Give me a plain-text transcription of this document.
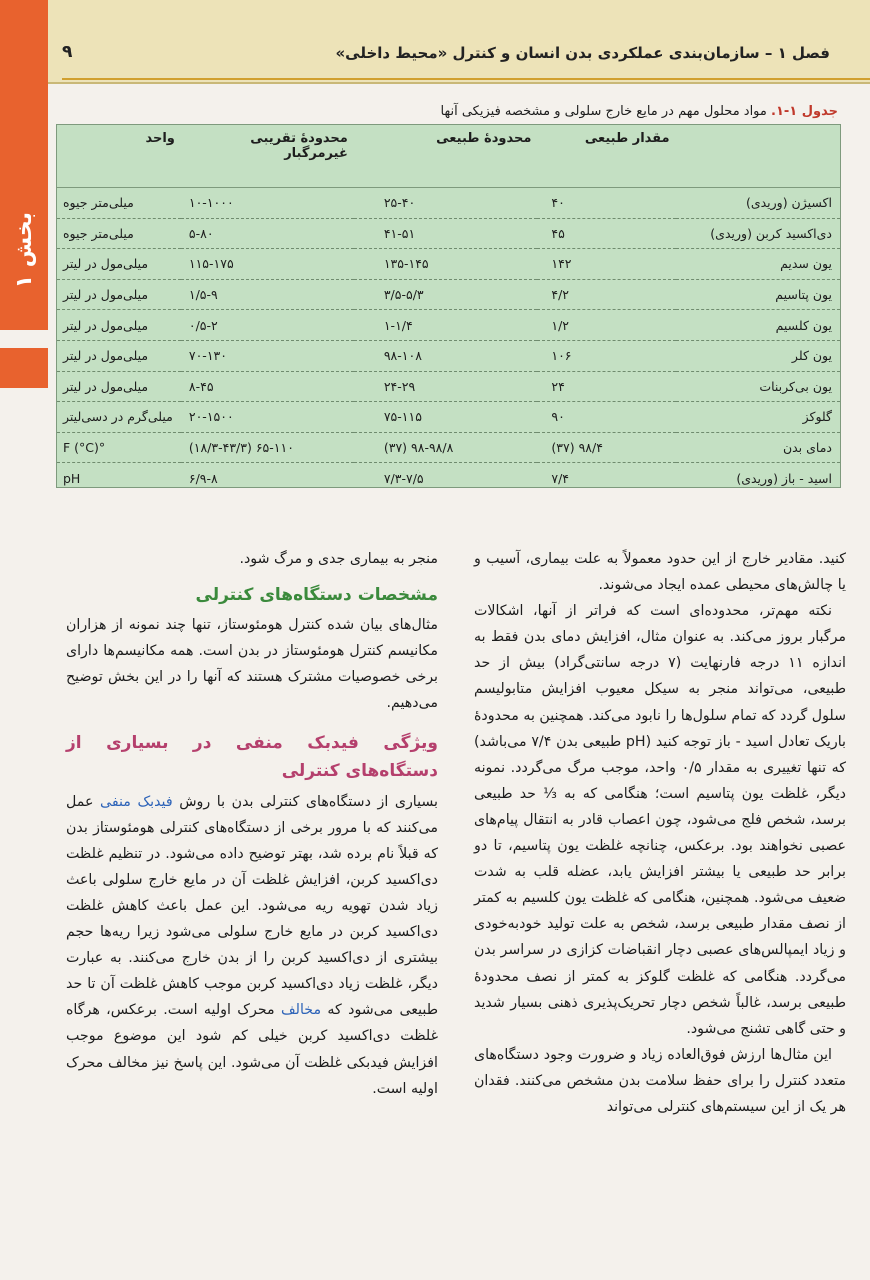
بخش ۱
۹	فصل ۱ – سازمان‌بندی عملکردی بدن انسان و کنترل «محیط داخلی»
جدول ۱-۱. مواد محلول مهم در مایع خارج سلولی و مشخصه فیزیکی آنها
	مقدار طبیعی	محدودهٔ طبیعی	محدودهٔ تقریبی غیرمرگبار	واحد
اکسیژن (وریدی)	۴۰	۲۵-۴۰	۱۰-۱۰۰۰	میلی‌متر جیوه
دی‌اکسید کربن (وریدی)	۴۵	۴۱-۵۱	۵-۸۰	میلی‌متر جیوه
یون سدیم	۱۴۲	۱۳۵-۱۴۵	۱۱۵-۱۷۵	میلی‌مول در لیتر
یون پتاسیم	۴/۲	۳/۵-۵/۳	۱/۵-۹	میلی‌مول در لیتر
یون کلسیم	۱/۲	۱-۱/۴	۰/۵-۲	میلی‌مول در لیتر
یون کلر	۱۰۶	۹۸-۱۰۸	۷۰-۱۳۰	میلی‌مول در لیتر
یون بی‌کربنات	۲۴	۲۴-۲۹	۸-۴۵	میلی‌مول در لیتر
گلوکز	۹۰	۷۵-۱۱۵	۲۰-۱۵۰۰	میلی‌گرم در دسی‌لیتر
دمای بدن	۹۸/۴ (۳۷)	۹۸-۹۸/۸ (۳۷)	۶۵-۱۱۰ (۱۸/۳-۴۳/۳)	°F (°C)
اسید - باز (وریدی)	۷/۴	۷/۳-۷/۵	۶/۹-۸	pH

کنید. مقادیر خارج از این حدود معمولاً به علت بیماری، آسیب و یا چالش‌های محیطی عمده ایجاد می‌شوند.

نکته مهم‌تر، محدوده‌ای است که فراتر از آنها، اشکالات مرگبار بروز می‌کند. به عنوان مثال، افزایش دمای بدن فقط به اندازه ۱۱ درجه فارنهایت (۷ درجه سانتی‌گراد) بیش از حد طبیعی، می‌تواند منجر به سیکل معیوب افزایش متابولیسم سلول گردد که تمام سلول‌ها را نابود می‌کند. همچنین به محدودهٔ باریک تعادل اسید - باز توجه کنید (pH طبیعی بدن ۷/۴ می‌باشد) که تنها تغییری به مقدار ۰/۵ واحد، موجب مرگ می‌گردد. نمونه دیگر، غلظت یون پتاسیم است؛ هنگامی که به ⅓ حد طبیعی برسد، شخص فلج می‌شود، چون اعصاب قادر به انتقال پیام‌های عصبی نخواهند بود. برعکس، چنانچه غلظت یون پتاسیم، تا دو برابر حد طبیعی یا بیشتر افزایش یابد، عضله قلب به شدت ضعیف می‌شود. همچنین، هنگامی که غلظت یون کلسیم به کمتر از نصف مقدار طبیعی برسد، شخص به علت تولید خودبه‌خودی و زیاد ایمپالس‌های عصبی دچار انقباضات کزازی در سراسر بدن می‌گردد. هنگامی که غلظت گلوکز به کمتر از نصف محدودهٔ طبیعی برسد، غالباً شخص دچار تحریک‌پذیری ذهنی بسیار شدید و حتی گاهی تشنج می‌شود.

این مثال‌ها ارزش فوق‌العاده زیاد و ضرورت وجود دستگاه‌های متعدد کنترل را برای حفظ سلامت بدن مشخص می‌کنند. فقدان هر یک از این سیستم‌های کنترلی می‌تواند

منجر به بیماری جدی و مرگ شود.

مشخصات دستگاه‌های کنترلی

مثال‌های بیان شده کنترل هومئوستاز، تنها چند نمونه از هزاران مکانیسم کنترل هومئوستاز در بدن است. همه مکانیسم‌ها دارای برخی خصوصیات مشترک هستند که آنها را در این بخش توضیح می‌دهیم.

ویژگی فیدبک منفی در بسیاری از دستگاه‌های کنترلی

بسیاری از دستگاه‌های کنترلی بدن با روش فیدبک منفی عمل می‌کنند که با مرور برخی از دستگاه‌های کنترلی هومئوستاز بدن که قبلاً نام برده شد، بهتر توضیح داده می‌شود. در تنظیم غلظت دی‌اکسید کربن، افزایش غلظت آن در مایع خارج سلولی باعث زیاد شدن تهویه ریه می‌شود. این عمل باعث کاهش غلظت دی‌اکسید کربن در مایع خارج سلولی می‌شود زیرا ریه‌ها حجم بیشتری از دی‌اکسید کربن را از بدن خارج می‌کنند. به عبارت دیگر، غلظت زیاد دی‌اکسید کربن موجب کاهش غلظت آن تا حد طبیعی می‌شود که مخالف محرک اولیه است. برعکس، هرگاه غلظت دی‌اکسید کربن خیلی کم شود این موضوع موجب افزایش فیدبکی غلظت آن می‌شود. این پاسخ نیز مخالف محرک اولیه است.
